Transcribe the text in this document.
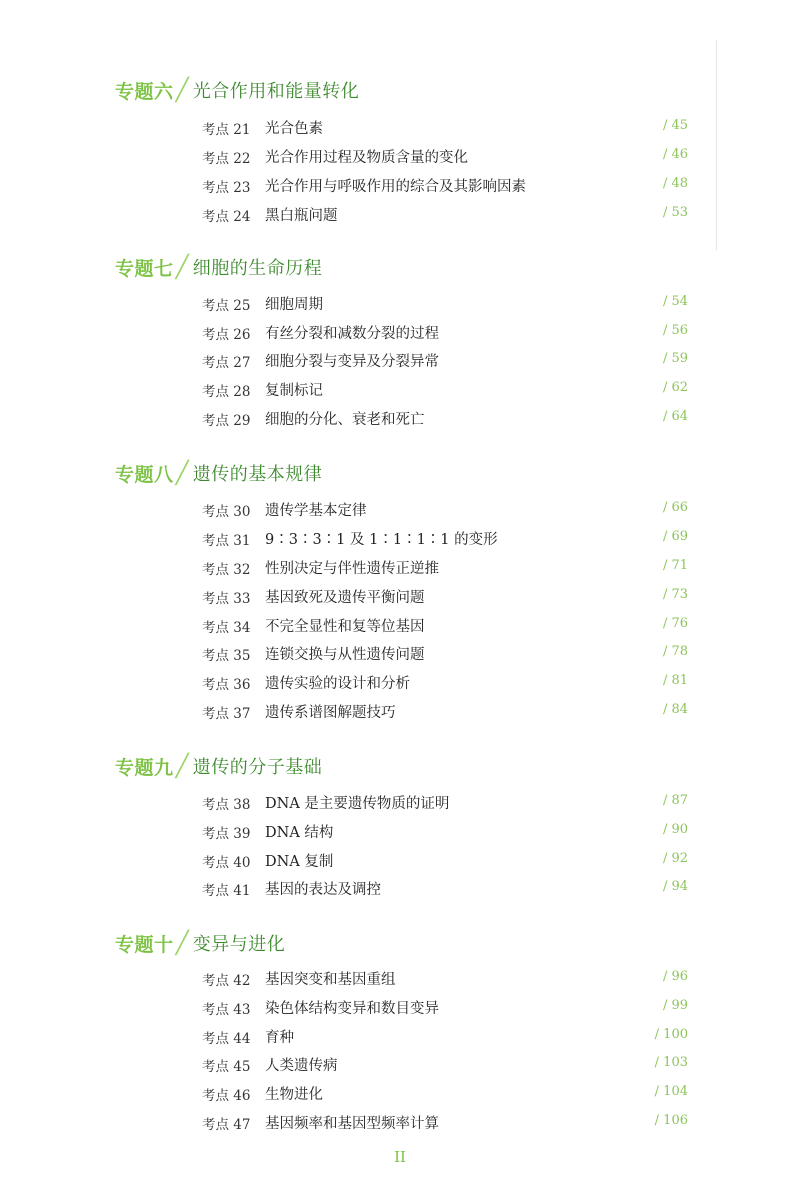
专题六 ╱ 光合作用和能量转化
考点 21 光合色素	/ 45
考点 22 光合作用过程及物质含量的变化	/ 46
考点 23 光合作用与呼吸作用的综合及其影响因素	/ 48
考点 24 黑白瓶问题	/ 53
专题七 ╱ 细胞的生命历程
考点 25 细胞周期	/ 54
考点 26 有丝分裂和减数分裂的过程	/ 56
考点 27 细胞分裂与变异及分裂异常	/ 59
考点 28 复制标记	/ 62
考点 29 细胞的分化、衰老和死亡	/ 64
专题八 ╱ 遗传的基本规律
考点 30 遗传学基本定律	/ 66
考点 31 9∶3∶3∶1 及 1∶1∶1∶1 的变形	/ 69
考点 32 性别决定与伴性遗传正逆推	/ 71
考点 33 基因致死及遗传平衡问题	/ 73
考点 34 不完全显性和复等位基因	/ 76
考点 35 连锁交换与从性遗传问题	/ 78
考点 36 遗传实验的设计和分析	/ 81
考点 37 遗传系谱图解题技巧	/ 84
专题九 ╱ 遗传的分子基础
考点 38 DNA 是主要遗传物质的证明	/ 87
考点 39 DNA 结构	/ 90
考点 40 DNA 复制	/ 92
考点 41 基因的表达及调控	/ 94
专题十 ╱ 变异与进化
考点 42 基因突变和基因重组	/ 96
考点 43 染色体结构变异和数目变异	/ 99
考点 44 育种	/ 100
考点 45 人类遗传病	/ 103
考点 46 生物进化	/ 104
考点 47 基因频率和基因型频率计算	/ 106
II
